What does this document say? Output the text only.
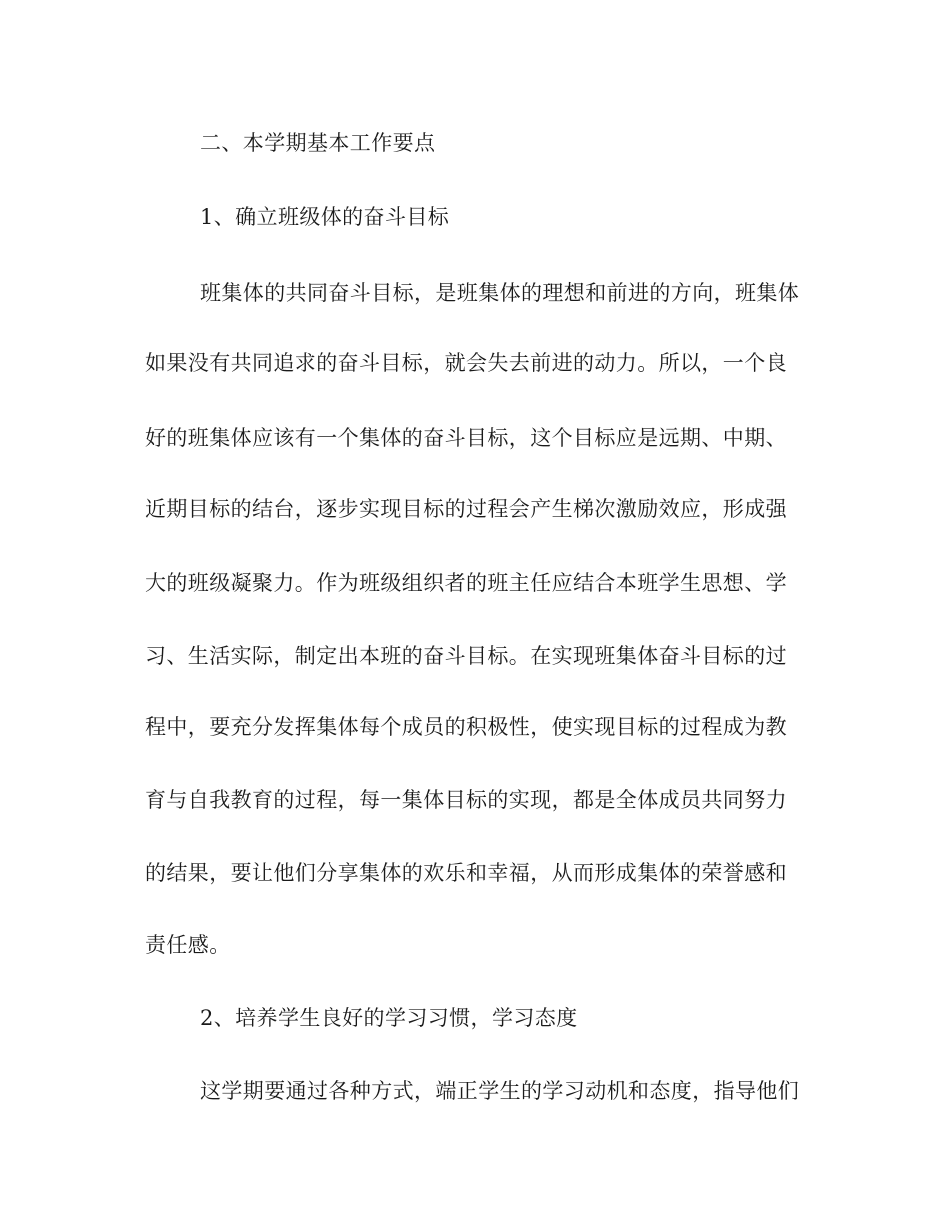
二、本学期基本工作要点
1、确立班级体的奋斗目标
班集体的共同奋斗目标，是班集体的理想和前进的方向，班集体
如果没有共同追求的奋斗目标，就会失去前进的动力。所以，一个良
好的班集体应该有一个集体的奋斗目标，这个目标应是远期、中期、
近期目标的结台，逐步实现目标的过程会产生梯次激励效应，形成强
大的班级凝聚力。作为班级组织者的班主任应结合本班学生思想、学
习、生活实际，制定出本班的奋斗目标。在实现班集体奋斗目标的过
程中，要充分发挥集体每个成员的积极性，使实现目标的过程成为教
育与自我教育的过程，每一集体目标的实现，都是全体成员共同努力
的结果，要让他们分享集体的欢乐和幸福，从而形成集体的荣誉感和
责任感。
2、培养学生良好的学习习惯，学习态度
这学期要通过各种方式，端正学生的学习动机和态度，指导他们
